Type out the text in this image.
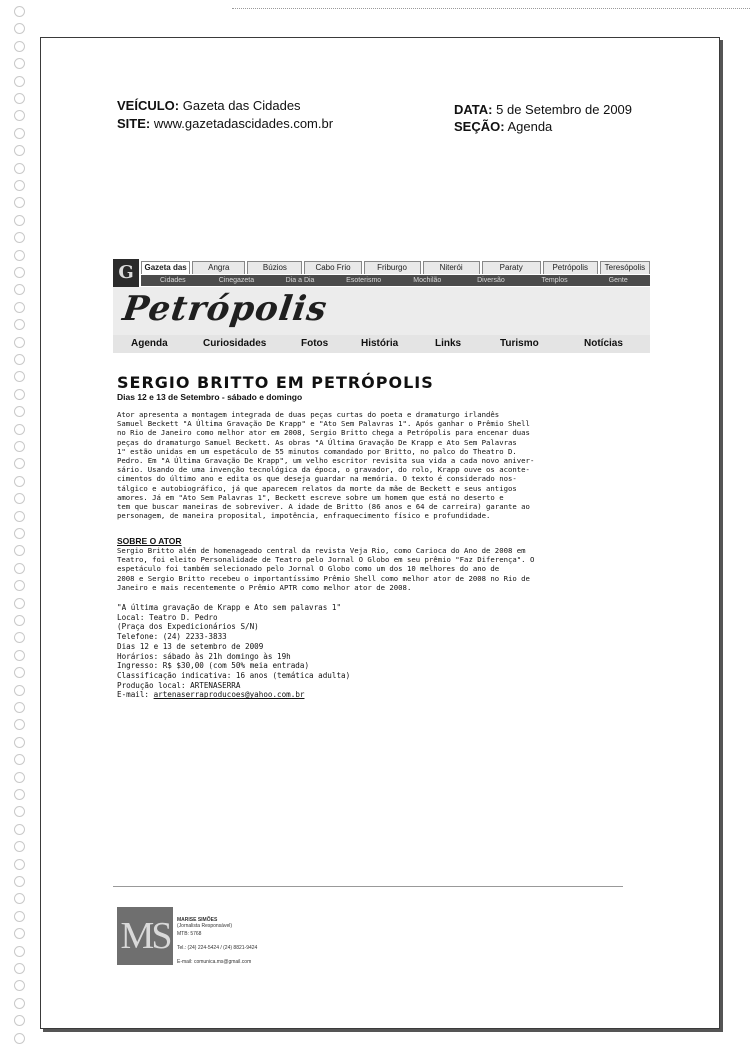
VEÍCULO: Gazeta das Cidades
SITE: www.gazetadascidades.com.br
DATA: 5 de Setembro de 2009
SEÇÃO: Agenda
G	Gazeta das	Angra	Búzios	Cabo Frio	Friburgo	Niterói	Paraty	Petrópolis	Teresópolis
Cidades	Cinegazeta	Dia a Dia	Esoterismo	Mochilão	Diversão	Templos	Gente
Petrópolis
Agenda	Curiosidades	Fotos	História	Links	Turismo	Notícias
SERGIO BRITTO EM PETRÓPOLIS
Dias 12 e 13 de Setembro - sábado e domingo
Ator apresenta a montagem integrada de duas peças curtas do poeta e dramaturgo irlandês
Samuel Beckett "A Última Gravação De Krapp" e "Ato Sem Palavras 1". Após ganhar o Prêmio Shell
no Rio de Janeiro como melhor ator em 2008, Sergio Britto chega a Petrópolis para encenar duas
peças do dramaturgo Samuel Beckett. As obras "A Última Gravação De Krapp e Ato Sem Palavras
1" estão unidas em um espetáculo de 55 minutos comandado por Britto, no palco do Theatro D.
Pedro. Em "A Última Gravação De Krapp", um velho escritor revisita sua vida a cada novo aniver-
sário. Usando de uma invenção tecnológica da época, o gravador, do rolo, Krapp ouve os aconte-
cimentos do último ano e edita os que deseja guardar na memória. O texto é considerado nos-
tálgico e autobiográfico, já que aparecem relatos da morte da mãe de Beckett e seus antigos
amores. Já em "Ato Sem Palavras 1", Beckett escreve sobre um homem que está no deserto e
tem que buscar maneiras de sobreviver. A idade de Britto (86 anos e 64 de carreira) garante ao
personagem, de maneira proposital, impotência, enfraquecimento físico e profundidade.
SOBRE O ATOR
Sergio Britto além de homenageado central da revista Veja Rio, como Carioca do Ano de 2008 em
Teatro, foi eleito Personalidade de Teatro pelo Jornal O Globo em seu prêmio "Faz Diferença". O
espetáculo foi também selecionado pelo Jornal O Globo como um dos 10 melhores do ano de
2008 e Sergio Britto recebeu o importantíssimo Prêmio Shell como melhor ator de 2008 no Rio de
Janeiro e mais recentemente o Prêmio APTR como melhor ator de 2008.
"A última gravação de Krapp e Ato sem palavras 1"
Local: Teatro D. Pedro
(Praça dos Expedicionários S/N)
Telefone: (24) 2233-3833
Dias 12 e 13 de setembro de 2009
Horários: sábado às 21h domingo às 19h
Ingresso: R$ $30,00 (com 50% meia entrada)
Classificação indicativa: 16 anos (temática adulta)
Produção local: ARTENASERRA
E-mail: artenaserraproducoes@yahoo.com.br
MS	MARISE SIMÕES
(Jornalista Responsável)
MTB: 5768
Tel.: (24) 224-5424 / (24) 8821-9424
E-mail: comunica.ms@gmail.com
